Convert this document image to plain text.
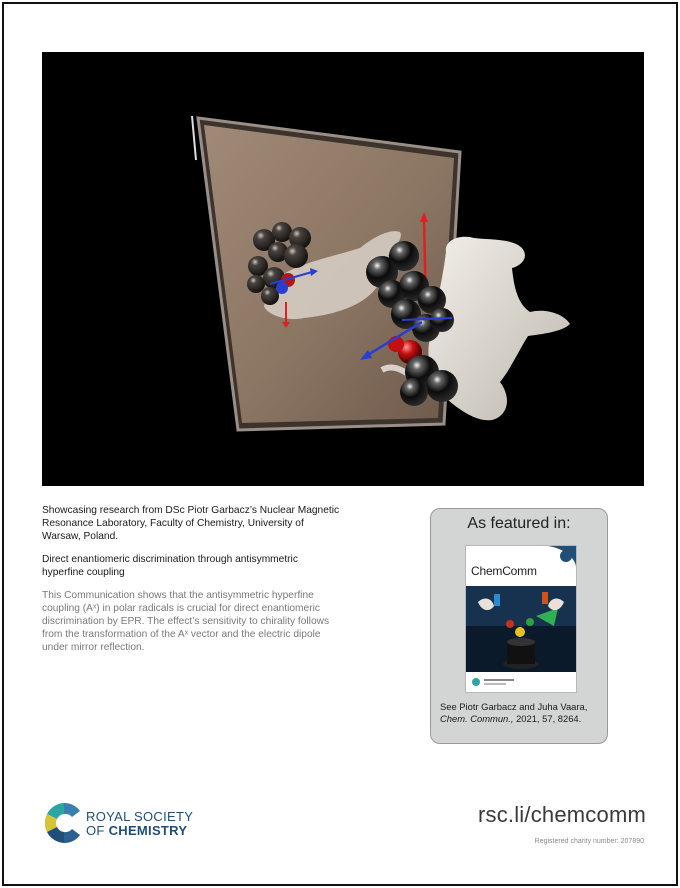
Showcasing research from DSc Piotr Garbacz’s Nuclear Magnetic Resonance Laboratory, Faculty of Chemistry, University of Warsaw, Poland.

Direct enantiomeric discrimination through antisymmetric hyperfine coupling

This Communication shows that the antisymmetric hyperfine coupling (Aˣ) in polar radicals is crucial for direct enantiomeric discrimination by EPR. The effect’s sensitivity to chirality follows from the transformation of the Aˣ vector and the electric dipole under mirror reflection.

As featured in:
ChemComm
See Piotr Garbacz and Juha Vaara,
Chem. Commun., 2021, 57, 8264.
ROYAL SOCIETY
OF CHEMISTRY
rsc.li/chemcomm
Registered charity number: 207890
